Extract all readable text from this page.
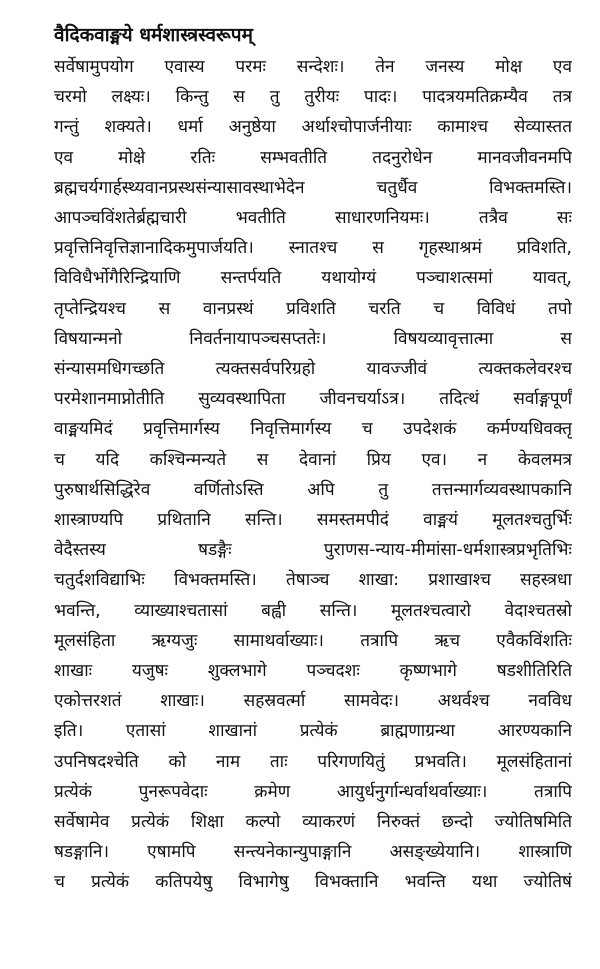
वैदिकवाङ्मये धर्मशास्त्रस्वरूपम्
सर्वेषामुपयोग एवास्य परमः सन्देशः। तेन जनस्य मोक्ष एव
चरमो लक्ष्यः। किन्तु स तु तुरीयः पादः। पादत्रयमतिक्रम्यैव तत्र
गन्तुं शक्यते। धर्मा अनुष्ठेया अर्थाश्चोपार्जनीयाः कामाश्च सेव्यास्तत
एव मोक्षे रतिः सम्भवतीति तदनुरोधेन मानवजीवनमपि
ब्रह्मचर्यगार्हस्थ्यवानप्रस्थसंन्यासावस्थाभेदेन चतुर्धैव विभक्तमस्ति।
आपञ्चविंशतेर्ब्रह्मचारी भवतीति साधारणनियमः। तत्रैव सः
प्रवृत्तिनिवृत्तिज्ञानादिकमुपार्जयति। स्नातश्च स गृहस्थाश्रमं प्रविशति,
विविधैर्भोगैरिन्द्रियाणि सन्तर्पयति यथायोग्यं पञ्चाशत्समां यावत्,
तृप्तेन्द्रियश्च स वानप्रस्थं प्रविशति चरति च विविधं तपो
विषयान्मनो निवर्तनायापञ्चसप्ततेः। विषयव्यावृत्तात्मा स
संन्यासमधिगच्छति त्यक्तसर्वपरिग्रहो यावज्जीवं त्यक्तकलेवरश्च
परमेशानमाप्नोतीति सुव्यवस्थापिता जीवनचर्याऽत्र। तदित्थं सर्वाङ्गपूर्णं
वाङ्मयमिदं प्रवृत्तिमार्गस्य निवृत्तिमार्गस्य च उपदेशकं कर्मण्यधिवक्तृ
च यदि कश्चिन्मन्यते स देवानां प्रिय एव। न केवलमत्र
पुरुषार्थसिद्धिरेव वर्णितोऽस्ति अपि तु तत्तन्मार्गव्यवस्थापकानि
शास्त्राण्यपि प्रथितानि सन्ति। समस्तमपीदं वाङ्मयं मूलतश्चतुर्भिः
वेदैस्तस्य षडङ्गैः पुराणस-न्याय-मीमांसा-धर्मशास्त्रप्रभृतिभिः
चतुर्दशविद्याभिः विभक्तमस्ति। तेषाञ्च शाखा: प्रशाखाश्च सहस्त्रधा
भवन्ति, व्याख्याश्चतासां बह्वी सन्ति। मूलतश्चत्वारो वेदाश्चतस्रो
मूलसंहिता ऋग्यजुः सामाथर्वाख्याः। तत्रापि ऋच एवैकविंशतिः
शाखाः यजुषः शुक्लभागे पञ्चदशः कृष्णभागे षडशीतिरिति
एकोत्तरशतं शाखाः। सहस्रवर्त्मा सामवेदः। अथर्वश्च नवविध
इति। एतासां शाखानां प्रत्येकं ब्राह्मणाग्रन्था आरण्यकानि
उपनिषदश्चेति को नाम ताः परिगणयितुं प्रभवति। मूलसंहितानां
प्रत्येकं पुनरूपवेदाः क्रमेण आयुर्धनुर्गान्धर्वाथर्वाख्याः। तत्रापि
सर्वेषामेव प्रत्येकं शिक्षा कल्पो व्याकरणं निरुक्तं छन्दो ज्योतिषमिति
षडङ्गानि। एषामपि सन्त्यनेकान्युपाङ्गानि असङ्ख्येयानि। शास्त्राणि
च प्रत्येकं कतिपयेषु विभागेषु विभक्तानि भवन्ति यथा ज्योतिषं
